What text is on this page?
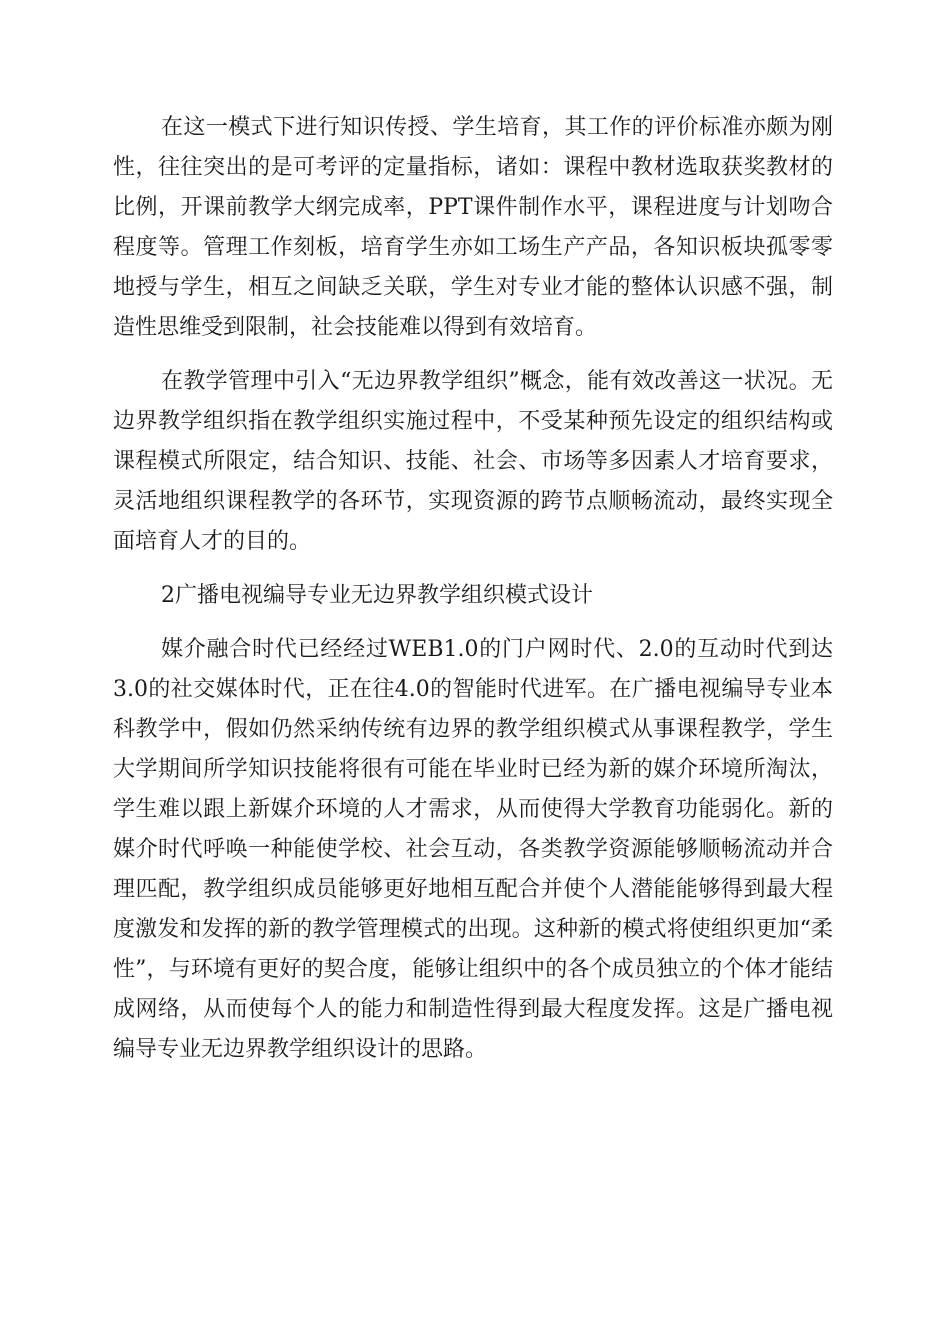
在这一模式下进行知识传授、学生培育，其工作的评价标准亦颇为刚性，往往突出的是可考评的定量指标，诸如：课程中教材选取获奖教材的比例，开课前教学大纲完成率，PPT课件制作水平，课程进度与计划吻合程度等。管理工作刻板，培育学生亦如工场生产产品，各知识板块孤零零地授与学生，相互之间缺乏关联，学生对专业才能的整体认识感不强，制造性思维受到限制，社会技能难以得到有效培育。

在教学管理中引入“无边界教学组织”概念，能有效改善这一状况。无边界教学组织指在教学组织实施过程中，不受某种预先设定的组织结构或课程模式所限定，结合知识、技能、社会、市场等多因素人才培育要求，灵活地组织课程教学的各环节，实现资源的跨节点顺畅流动，最终实现全面培育人才的目的。

2广播电视编导专业无边界教学组织模式设计

媒介融合时代已经经过WEB1.0的门户网时代、2.0的互动时代到达3.0的社交媒体时代，正在往4.0的智能时代进军。在广播电视编导专业本科教学中，假如仍然采纳传统有边界的教学组织模式从事课程教学，学生大学期间所学知识技能将很有可能在毕业时已经为新的媒介环境所淘汰，学生难以跟上新媒介环境的人才需求，从而使得大学教育功能弱化。新的媒介时代呼唤一种能使学校、社会互动，各类教学资源能够顺畅流动并合理匹配，教学组织成员能够更好地相互配合并使个人潜能能够得到最大程度激发和发挥的新的教学管理模式的出现。这种新的模式将使组织更加“柔性”，与环境有更好的契合度，能够让组织中的各个成员独立的个体才能结成网络，从而使每个人的能力和制造性得到最大程度发挥。这是广播电视编导专业无边界教学组织设计的思路。
